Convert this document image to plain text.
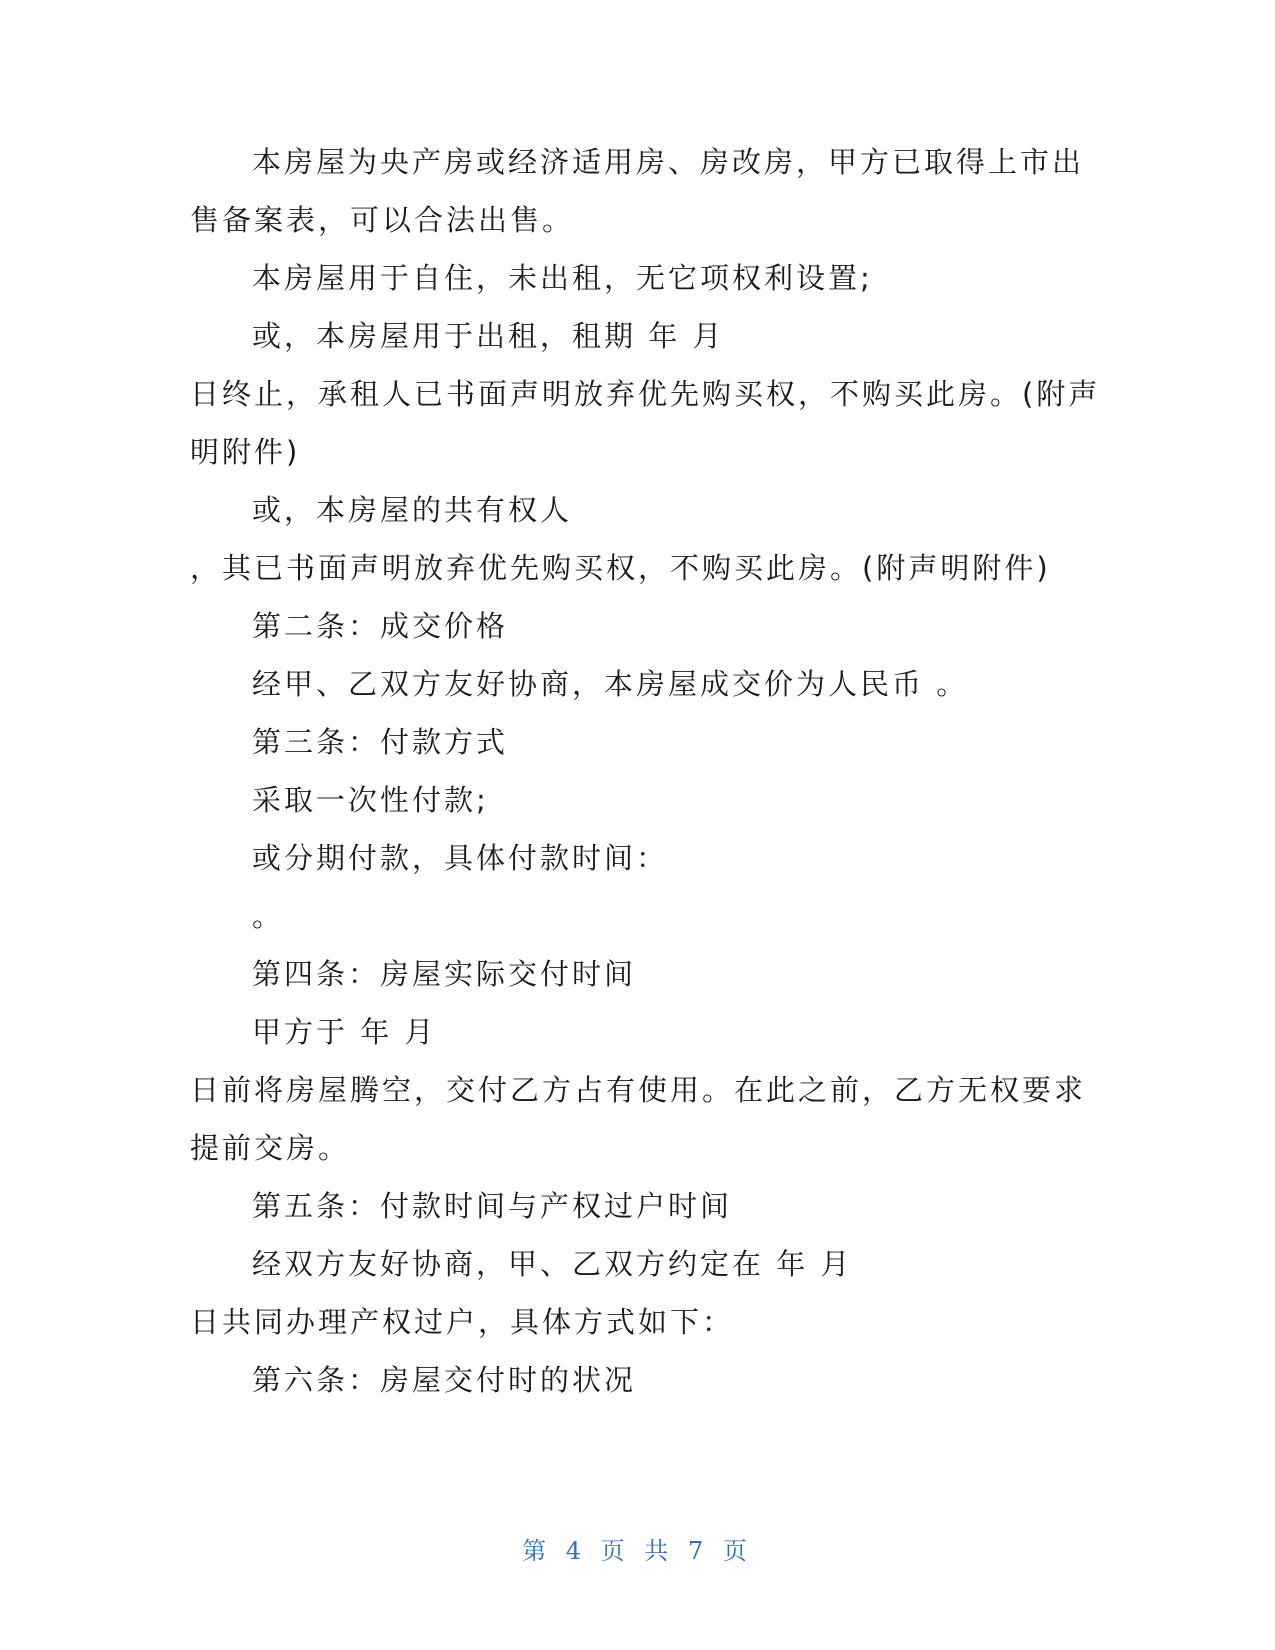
本房屋为央产房或经济适用房、房改房，甲方已取得上市出
售备案表，可以合法出售。
本房屋用于自住，未出租，无它项权利设置;
或，本房屋用于出租，租期 年 月
日终止，承租人已书面声明放弃优先购买权，不购买此房。(附声
明附件)
或，本房屋的共有权人
，其已书面声明放弃优先购买权，不购买此房。(附声明附件)
第二条：成交价格
经甲、乙双方友好协商，本房屋成交价为人民币 。
第三条：付款方式
采取一次性付款;
或分期付款，具体付款时间：
。
第四条：房屋实际交付时间
甲方于 年 月
日前将房屋腾空，交付乙方占有使用。在此之前，乙方无权要求
提前交房。
第五条：付款时间与产权过户时间
经双方友好协商，甲、乙双方约定在 年 月
日共同办理产权过户，具体方式如下：
第六条：房屋交付时的状况
第 4 页 共 7 页
